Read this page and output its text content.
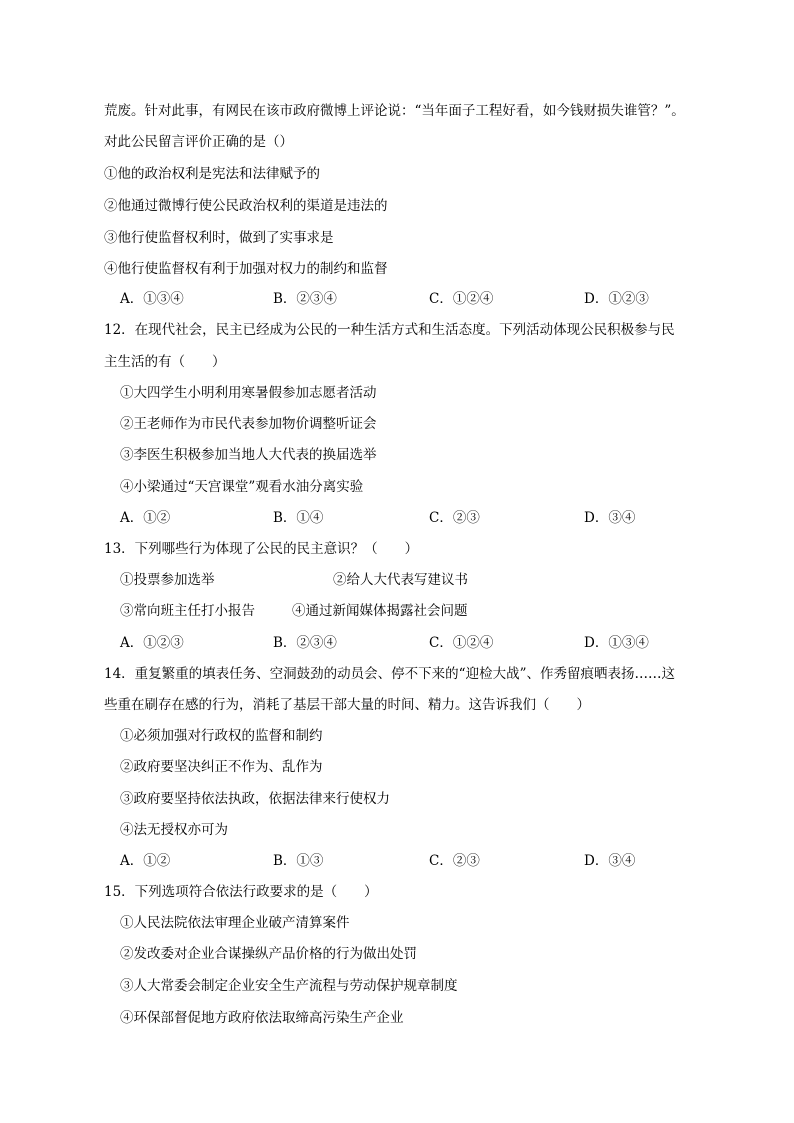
荒废。针对此事，有网民在该市政府微博上评论说：“当年面子工程好看，如今钱财损失谁管？”。
对此公民留言评价正确的是（）
①他的政治权利是宪法和法律赋予的
②他通过微博行使公民政治权利的渠道是违法的
③他行使监督权利时，做到了实事求是
④他行使监督权有利于加强对权力的制约和监督
A．①③④	B．②③④	C．①②④	D．①②③
12．在现代社会，民主已经成为公民的一种生活方式和生活态度。下列活动体现公民积极参与民
主生活的有（　　）
①大四学生小明利用寒暑假参加志愿者活动
②王老师作为市民代表参加物价调整听证会
③李医生积极参加当地人大代表的换届选举
④小梁通过“天宫课堂”观看水油分离实验
A．①②	B．①④	C．②③	D．③④
13．下列哪些行为体现了公民的民主意识？（　　）
①投票参加选举	②给人大代表写建议书
③常向班主任打小报告	④通过新闻媒体揭露社会问题
A．①②③	B．②③④	C．①②④	D．①③④
14．重复繁重的填表任务、空洞鼓劲的动员会、停不下来的“迎检大战”、作秀留痕晒表扬……这
些重在刷存在感的行为，消耗了基层干部大量的时间、精力。这告诉我们（　　）
①必须加强对行政权的监督和制约
②政府要坚决纠正不作为、乱作为
③政府要坚持依法执政，依据法律来行使权力
④法无授权亦可为
A．①②	B．①③	C．②③	D．③④
15．下列选项符合依法行政要求的是（　　）
①人民法院依法审理企业破产清算案件
②发改委对企业合谋操纵产品价格的行为做出处罚
③人大常委会制定企业安全生产流程与劳动保护规章制度
④环保部督促地方政府依法取缔高污染生产企业
